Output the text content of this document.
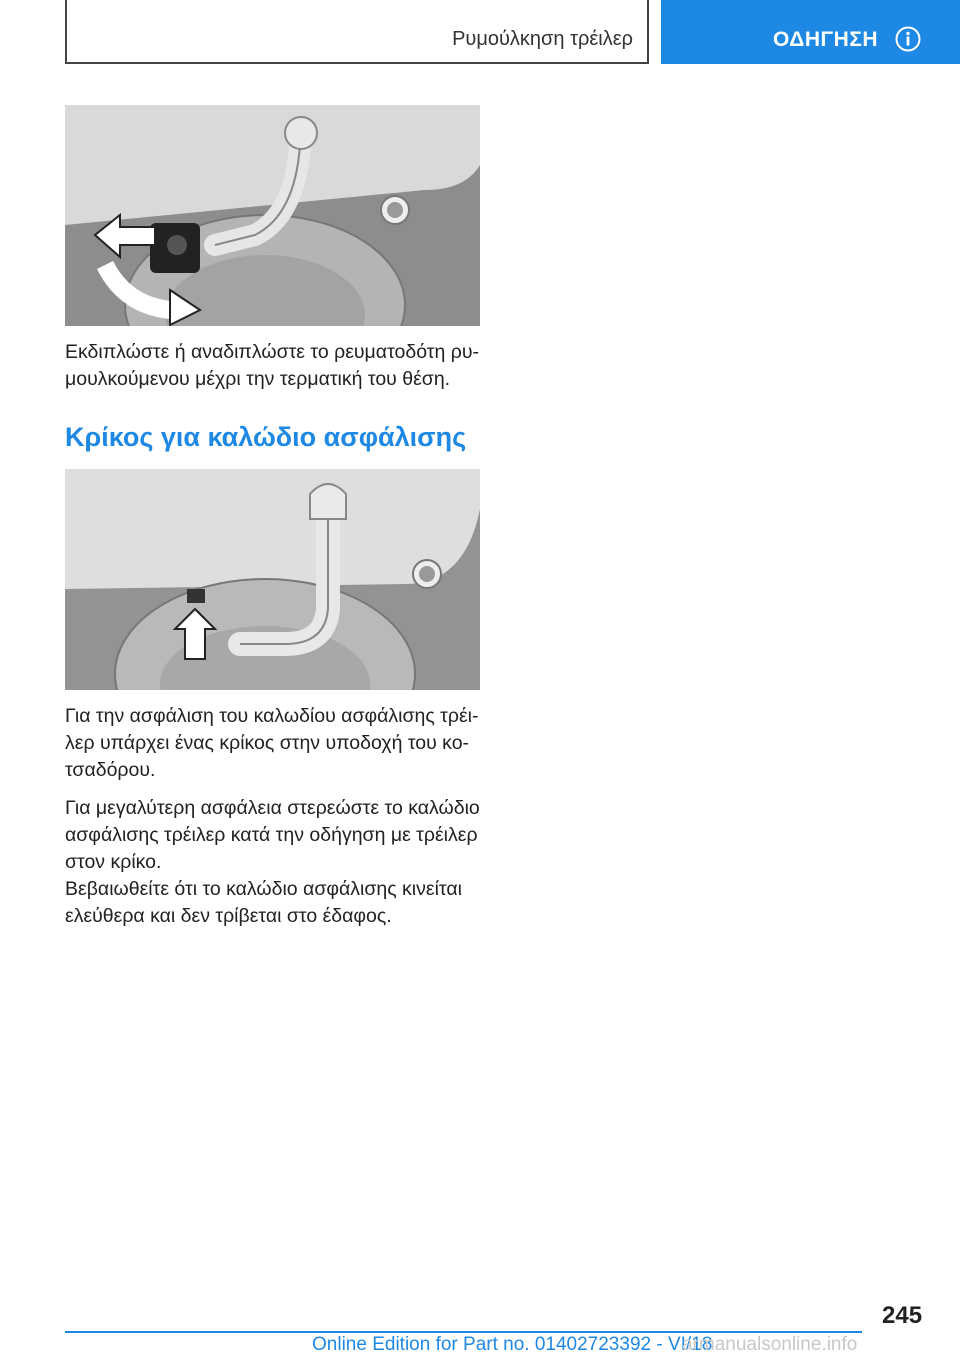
Ρυμούλκηση τρέιλερ	ΟΔΗΓΗΣΗ

Εκδιπλώστε ή αναδιπλώστε το ρευματοδότη ρυμουλκούμενου μέχρι την τερματική του θέση.

Κρίκος για καλώδιο ασφάλισης

Για την ασφάλιση του καλωδίου ασφάλισης τρέιλερ υπάρχει ένας κρίκος στην υποδοχή του κοτσαδόρου.

Για μεγαλύτερη ασφάλεια στερεώστε το καλώδιο ασφάλισης τρέιλερ κατά την οδήγηση με τρέιλερ στον κρίκο.

Βεβαιωθείτε ότι το καλώδιο ασφάλισης κινείται ελεύθερα και δεν τρίβεται στο έδαφος.

245
Online Edition for Part no. 01402723392 - VI/18
armanualsonline.info
